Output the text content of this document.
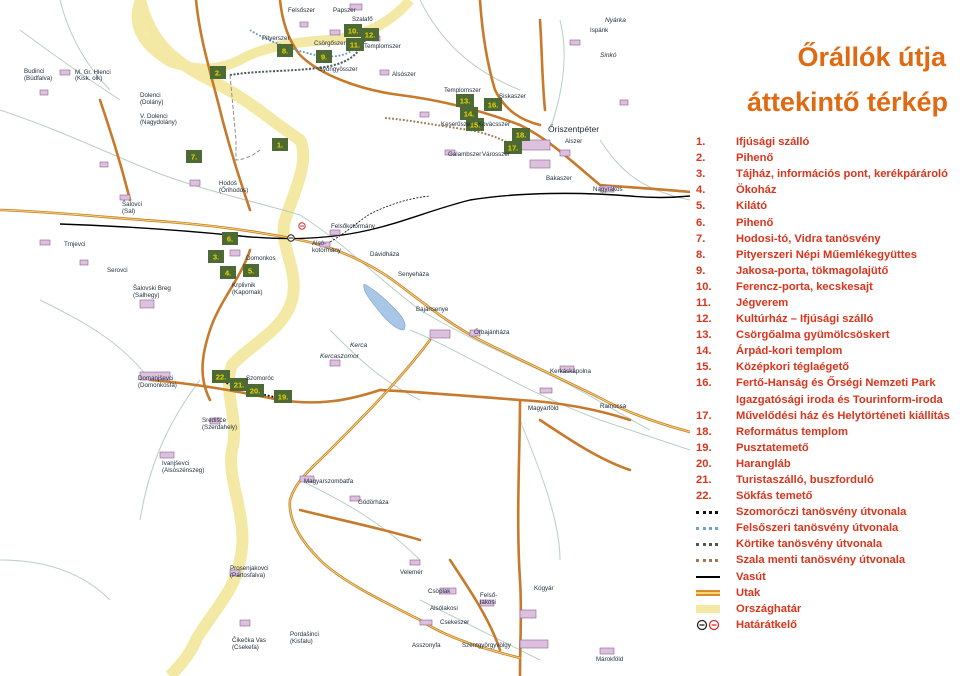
1.
2.
3.
4. 5.
6.
7.
8.
9.
10.
11.
12.
13.
14.
15.
16.
17.
18.
19.
20.
21.
22.
Felsőszer	Papszer
Szalafő
Pityerszer
Csörgőszer	Templomszer
Gyöngyösszer
Alsószer
Budinci
(Büdfalva)
M. Gr. Hlenci
(Kisk. olk)
Dolenci
(Dolány)
V. Dolenci
(Nagydolány)
Templomszer
Siskaszer
Kovácsszer
Keserűszer
Galambszer Városszer
Őriszentpéter
Alszer
Bakaszer
Nagyrákos
Nyárka
Ispánk
Sinkó
Šalovci
(Sal)
Hodoš
(Őrihodos)
Felsőkotormány
Alsó-
kotormány
Dávidháza
Trnjevci
Serovci
Šalovski Breg
(Salhegy)
Domonkos
Krplivnik
(Kapornak)
Senyeháza
Bajánsenye
Őrbajánháza
Kercaszomor
Kerca
Domanjševci
(Domonkosfa)
Szomoróc
Kerkáskápolna
Magyarföld	Ramocsa
Središče
(Szerdahely)
Ivanjševci
(Alsószénszeg)
Magyarszombatfa
Gödörháza
Prosenjakovci
(Pártosfalva)	Velemér
Kógyár
Csöplak
Felső-
lakosi
Alsólakosi
Csekeszer
Čikečka Vas
(Csekefa)
Pordašinci
(Kisfalu)
Asszonyfa	Szentgyörgyvölgy
Márokföld
Őrállók útja
áttekintő térkép
1.	Ifjúsági szálló
2.	Pihenő
3.	Tájház, információs pont, kerékpárároló
4.	Ökoház
5.	Kilátó
6.	Pihenő
7.	Hodosi-tó, Vidra tanösvény
8.	Pityerszeri Népi Műemlékegyüttes
9.	Jakosa-porta, tökmagolajütő
10.	Ferencz-porta, kecskesajt
11.	Jégverem
12.	Kultúrház – Ifjúsági szálló
13.	Csörgőalma gyümölcsöskert
14.	Árpád-kori templom
15.	Középkori téglaégető
16.	Fertő-Hanság és Őrségi Nemzeti Park
Igazgatósági iroda és Tourinform-iroda
17.	Művelődési ház és Helytörténeti kiállítás
18.	Református templom
19.	Pusztatemető
20.	Harangláb
21.	Turistaszálló, buszforduló
22.	Sökfás temető
Szomoróczi tanösvény útvonala
Felsőszeri tanösvény útvonala
Körtike tanösvény útvonala
Szala menti tanösvény útvonala
Vasút
Utak
Országhatár
Határátkelő
